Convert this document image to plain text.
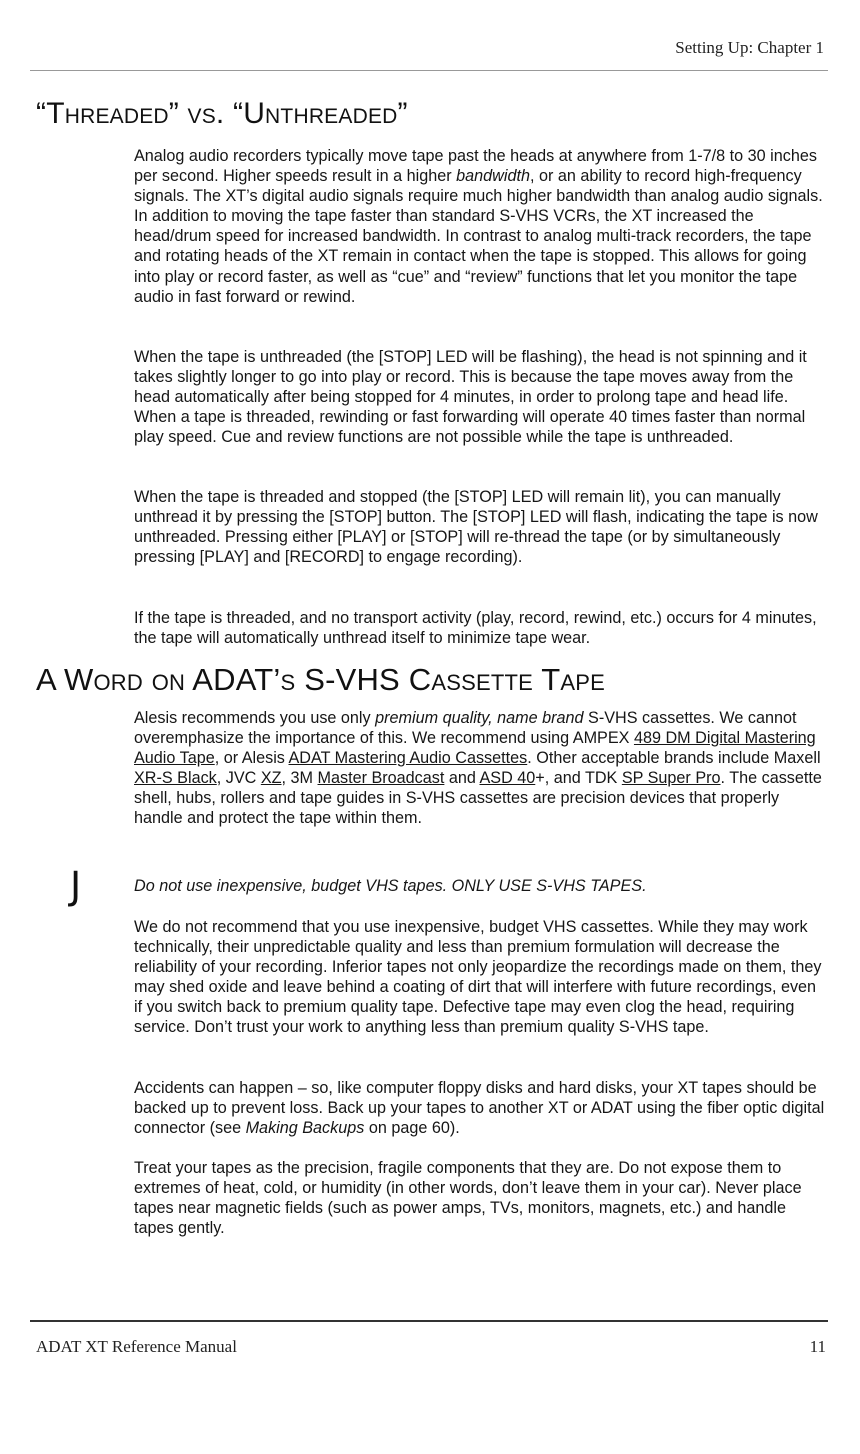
Setting Up: Chapter 1
“Threaded” vs. “Unthreaded”

Analog audio recorders typically move tape past the heads at anywhere from 1-7/8 to 30 inches per second. Higher speeds result in a higher bandwidth, or an ability to record high-frequency signals. The XT’s digital audio signals require much higher bandwidth than analog audio signals. In addition to moving the tape faster than standard S-VHS VCRs, the XT increased the head/drum speed for increased bandwidth. In contrast to analog multi-track recorders, the tape and rotating heads of the XT remain in contact when the tape is stopped. This allows for going into play or record faster, as well as “cue” and “review” functions that let you monitor the tape audio in fast forward or rewind.

When the tape is unthreaded (the [STOP] LED will be flashing), the head is not spinning and it takes slightly longer to go into play or record. This is because the tape moves away from the head automatically after being stopped for 4 minutes, in order to prolong tape and head life. When a tape is threaded, rewinding or fast forwarding will operate 40 times faster than normal play speed. Cue and review functions are not possible while the tape is unthreaded.

When the tape is threaded and stopped (the [STOP] LED will remain lit), you can manually unthread it by pressing the [STOP] button. The [STOP] LED will flash, indicating the tape is now unthreaded. Pressing either [PLAY] or [STOP] will re-thread the tape (or by simultaneously pressing [PLAY] and [RECORD] to engage recording).

If the tape is threaded, and no transport activity (play, record, rewind, etc.) occurs for 4 minutes, the tape will automatically unthread itself to minimize tape wear.

A Word on ADAT’s S-VHS Cassette Tape

Alesis recommends you use only premium quality, name brand S-VHS cassettes. We cannot overemphasize the importance of this. We recommend using AMPEX 489 DM Digital Mastering Audio Tape, or Alesis ADAT Mastering Audio Cassettes. Other acceptable brands include Maxell XR-S Black, JVC XZ, 3M Master Broadcast and ASD 40+, and TDK SP Super Pro. The cassette shell, hubs, rollers and tape guides in S-VHS cassettes are precision devices that properly handle and protect the tape within them.

J	Do not use inexpensive, budget VHS tapes. ONLY USE S-VHS TAPES.

We do not recommend that you use inexpensive, budget VHS cassettes. While they may work technically, their unpredictable quality and less than premium formulation will decrease the reliability of your recording. Inferior tapes not only jeopardize the recordings made on them, they may shed oxide and leave behind a coating of dirt that will interfere with future recordings, even if you switch back to premium quality tape. Defective tape may even clog the head, requiring service. Don’t trust your work to anything less than premium quality S-VHS tape.

Accidents can happen – so, like computer floppy disks and hard disks, your XT tapes should be backed up to prevent loss. Back up your tapes to another XT or ADAT using the fiber optic digital connector (see Making Backups on page 60).

Treat your tapes as the precision, fragile components that they are. Do not expose them to extremes of heat, cold, or humidity (in other words, don’t leave them in your car). Never place tapes near magnetic fields (such as power amps, TVs, monitors, magnets, etc.) and handle tapes gently.

ADAT XT Reference Manual	11
